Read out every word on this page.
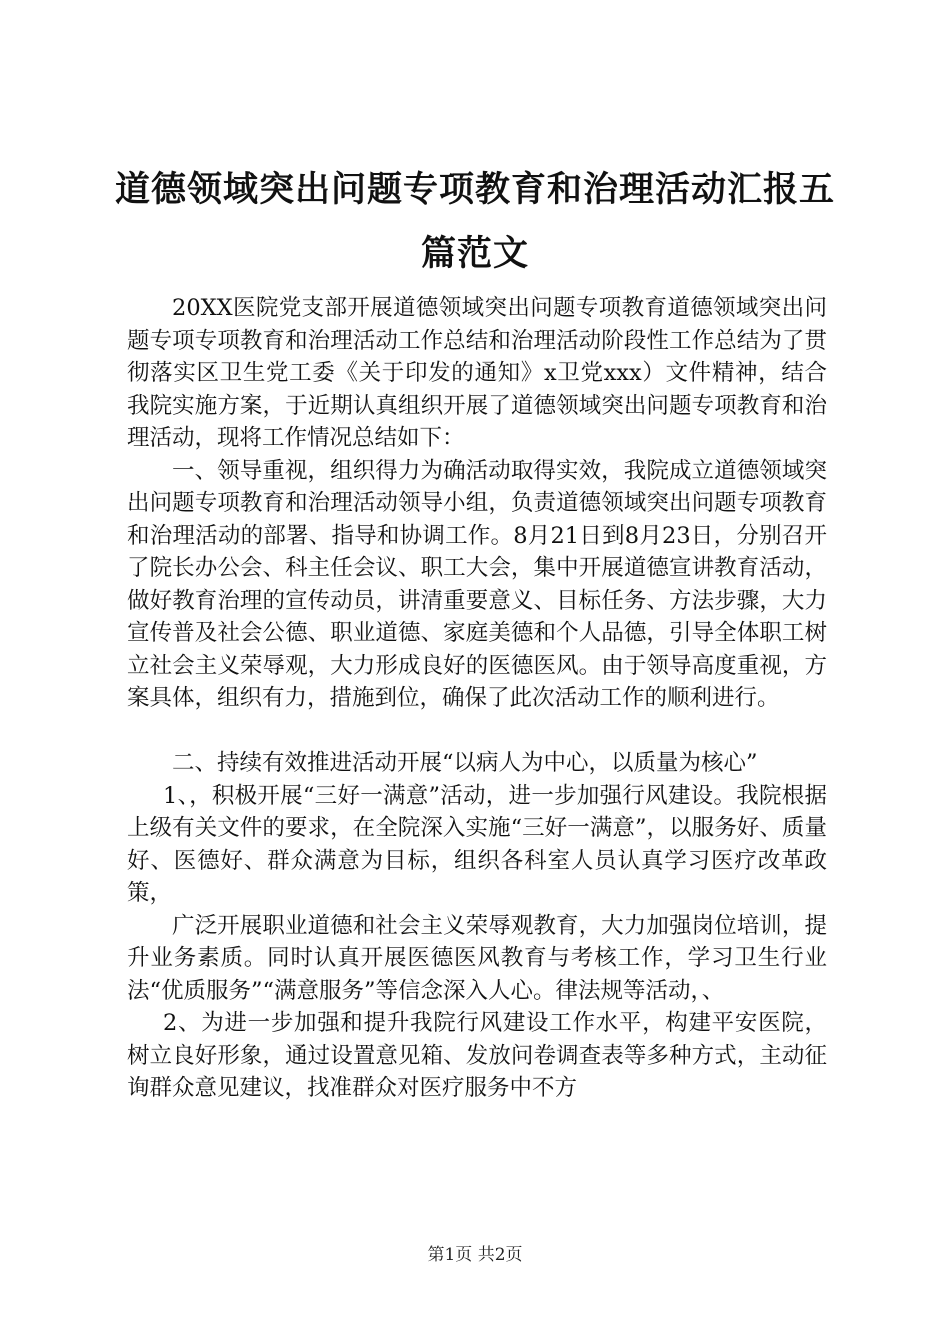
道德领域突出问题专项教育和治理活动汇报五篇范文

20XX医院党支部开展道德领域突出问题专项教育道德领域突出问题专项专项教育和治理活动工作总结和治理活动阶段性工作总结为了贯彻落实区卫生党工委《关于印发的通知》x卫党xxx）文件精神，结合我院实施方案，于近期认真组织开展了道德领域突出问题专项教育和治理活动，现将工作情况总结如下：

一、领导重视，组织得力为确活动取得实效，我院成立道德领域突出问题专项教育和治理活动领导小组，负责道德领域突出问题专项教育和治理活动的部署、指导和协调工作。8月21日到8月23日，分别召开了院长办公会、科主任会议、职工大会，集中开展道德宣讲教育活动，做好教育治理的宣传动员，讲清重要意义、目标任务、方法步骤，大力宣传普及社会公德、职业道德、家庭美德和个人品德，引导全体职工树立社会主义荣辱观，大力形成良好的医德医风。由于领导高度重视，方案具体，组织有力，措施到位，确保了此次活动工作的顺利进行。

二、持续有效推进活动开展“以病人为中心，以质量为核心”

1、，积极开展“三好一满意”活动，进一步加强行风建设。我院根据上级有关文件的要求，在全院深入实施“三好一满意”，以服务好、质量好、医德好、群众满意为目标，组织各科室人员认真学习医疗改革政策，

广泛开展职业道德和社会主义荣辱观教育，大力加强岗位培训，提升业务素质。同时认真开展医德医风教育与考核工作，学习卫生行业法“优质服务”“满意服务”等信念深入人心。律法规等活动，、

2、为进一步加强和提升我院行风建设工作水平，构建平安医院，树立良好形象，通过设置意见箱、发放问卷调查表等多种方式，主动征询群众意见建议，找准群众对医疗服务中不方

第1页 共2页
